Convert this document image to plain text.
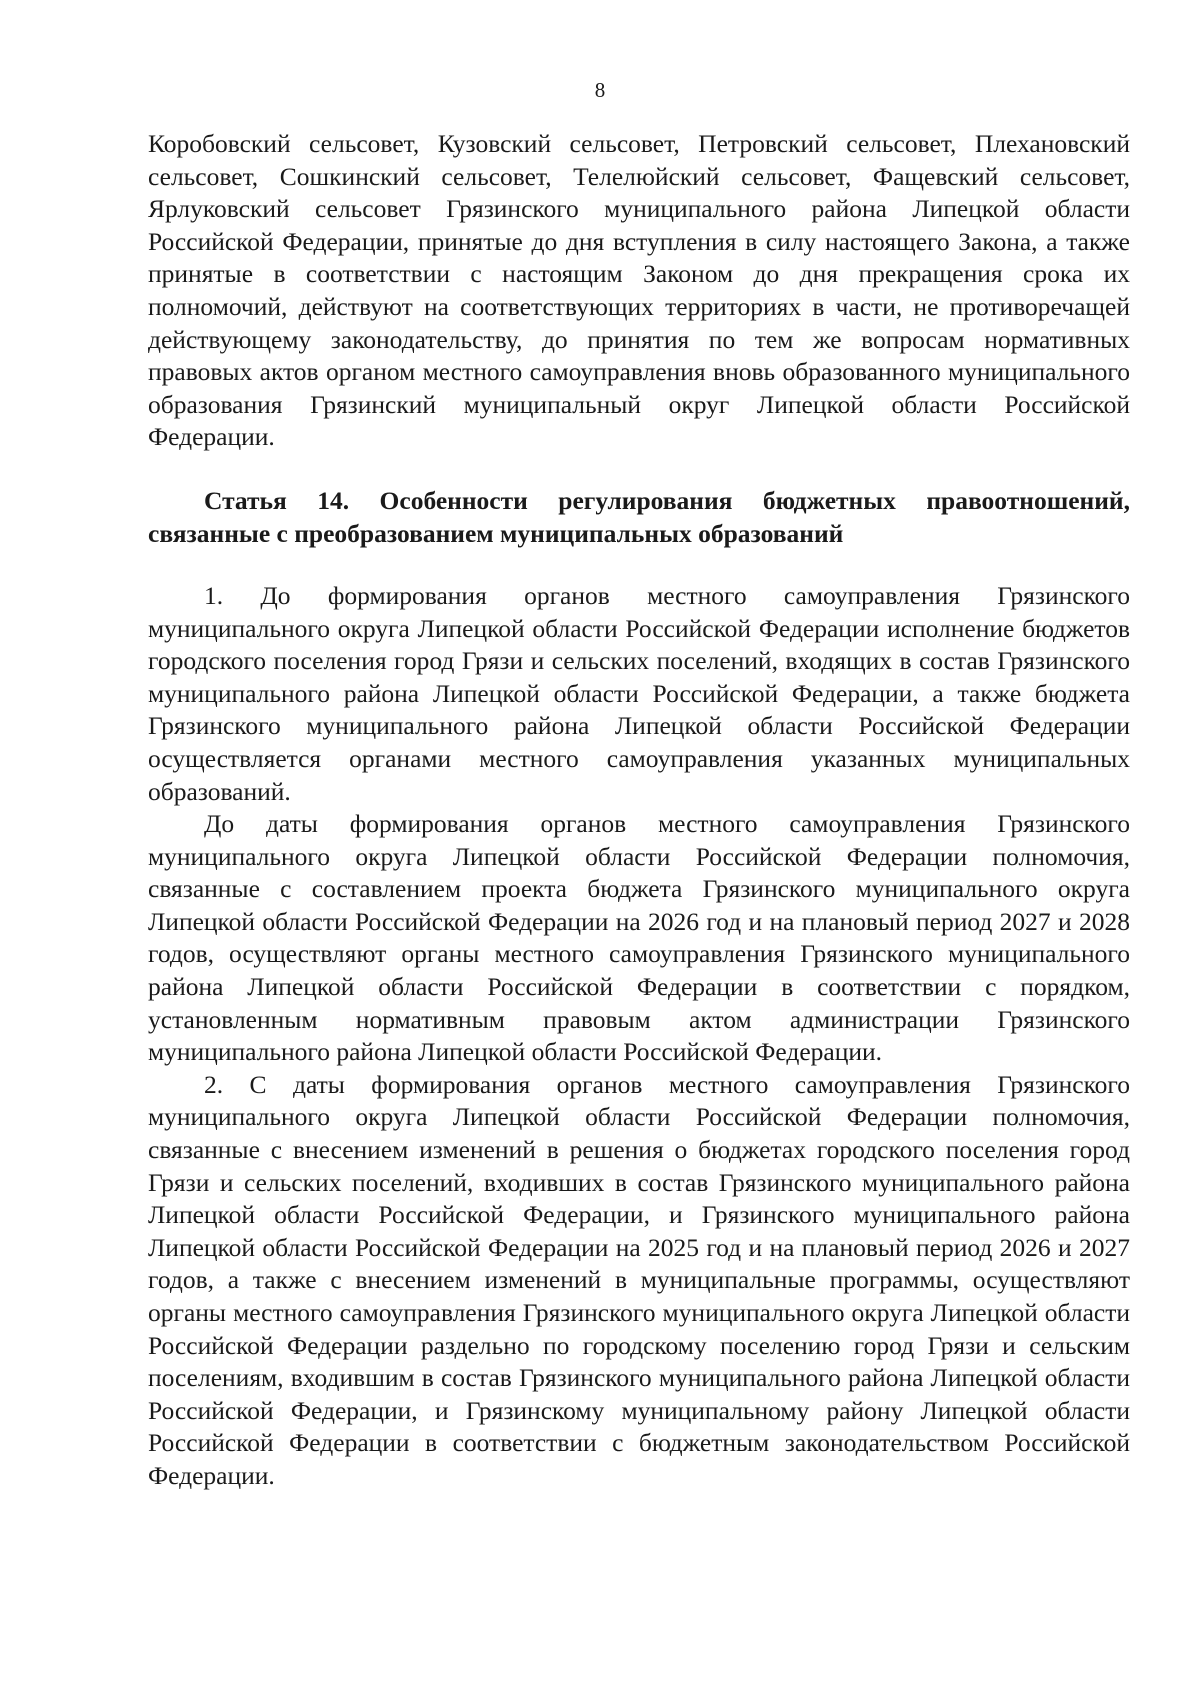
8

Коробовский сельсовет, Кузовский сельсовет, Петровский сельсовет, Плехановский сельсовет, Сошкинский сельсовет, Телелюйский сельсовет, Фащевский сельсовет, Ярлуковский сельсовет Грязинского муниципального района Липецкой области Российской Федерации, принятые до дня вступления в силу настоящего Закона, а также принятые в соответствии с настоящим Законом до дня прекращения срока их полномочий, действуют на соответствующих территориях в части, не противоречащей действующему законодательству, до принятия по тем же вопросам нормативных правовых актов органом местного самоуправления вновь образованного муниципального образования Грязинский муниципальный округ Липецкой области Российской Федерации.

Статья 14. Особенности регулирования бюджетных правоотношений, связанные с преобразованием муниципальных образований

1. До формирования органов местного самоуправления Грязинского муниципального округа Липецкой области Российской Федерации исполнение бюджетов городского поселения город Грязи и сельских поселений, входящих в состав Грязинского муниципального района Липецкой области Российской Федерации, а также бюджета Грязинского муниципального района Липецкой области Российской Федерации осуществляется органами местного самоуправления указанных муниципальных образований.

До даты формирования органов местного самоуправления Грязинского муниципального округа Липецкой области Российской Федерации полномочия, связанные с составлением проекта бюджета Грязинского муниципального округа Липецкой области Российской Федерации на 2026 год и на плановый период 2027 и 2028 годов, осуществляют органы местного самоуправления Грязинского муниципального района Липецкой области Российской Федерации в соответствии с порядком, установленным нормативным правовым актом администрации Грязинского муниципального района Липецкой области Российской Федерации.

2. С даты формирования органов местного самоуправления Грязинского муниципального округа Липецкой области Российской Федерации полномочия, связанные с внесением изменений в решения о бюджетах городского поселения город Грязи и сельских поселений, входивших в состав Грязинского муниципального района Липецкой области Российской Федерации, и Грязинского муниципального района Липецкой области Российской Федерации на 2025 год и на плановый период 2026 и 2027 годов, а также с внесением изменений в муниципальные программы, осуществляют органы местного самоуправления Грязинского муниципального округа Липецкой области Российской Федерации раздельно по городскому поселению город Грязи и сельским поселениям, входившим в состав Грязинского муниципального района Липецкой области Российской Федерации, и Грязинскому муниципальному району Липецкой области Российской Федерации в соответствии с бюджетным законодательством Российской Федерации.
